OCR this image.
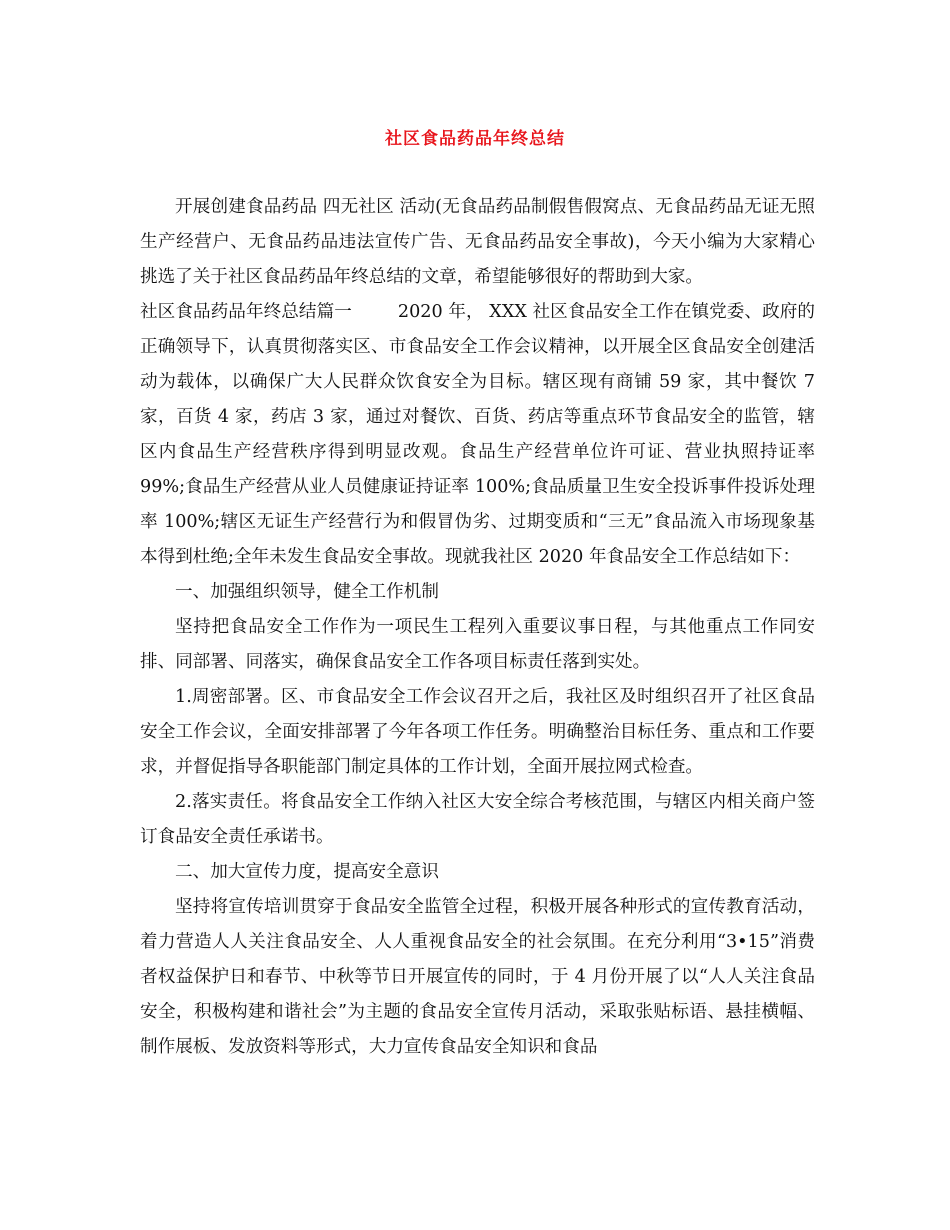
社区食品药品年终总结

开展创建食品药品 四无社区 活动(无食品药品制假售假窝点、无食品药品无证无照生产经营户、无食品药品违法宣传广告、无食品药品安全事故)，今天小编为大家精心挑选了关于社区食品药品年终总结的文章，希望能够很好的帮助到大家。

社区食品药品年终总结篇一	2020 年， XXX 社区食品安全工作在镇党委、政府的正确领导下，认真贯彻落实区、市食品安全工作会议精神，以开展全区食品安全创建活动为载体，以确保广大人民群众饮食安全为目标。辖区现有商铺 59 家，其中餐饮 7 家，百货 4 家，药店 3 家，通过对餐饮、百货、药店等重点环节食品安全的监管，辖区内食品生产经营秩序得到明显改观。食品生产经营单位许可证、营业执照持证率 99%;食品生产经营从业人员健康证持证率 100%;食品质量卫生安全投诉事件投诉处理率 100%;辖区无证生产经营行为和假冒伪劣、过期变质和“三无”食品流入市场现象基本得到杜绝;全年未发生食品安全事故。现就我社区 2020 年食品安全工作总结如下：

一、加强组织领导，健全工作机制

坚持把食品安全工作作为一项民生工程列入重要议事日程，与其他重点工作同安排、同部署、同落实，确保食品安全工作各项目标责任落到实处。

1.周密部署。区、市食品安全工作会议召开之后，我社区及时组织召开了社区食品安全工作会议，全面安排部署了今年各项工作任务。明确整治目标任务、重点和工作要求，并督促指导各职能部门制定具体的工作计划，全面开展拉网式检查。

2.落实责任。将食品安全工作纳入社区大安全综合考核范围，与辖区内相关商户签订食品安全责任承诺书。

二、加大宣传力度，提高安全意识

坚持将宣传培训贯穿于食品安全监管全过程，积极开展各种形式的宣传教育活动，着力营造人人关注食品安全、人人重视食品安全的社会氛围。在充分利用“3•15”消费者权益保护日和春节、中秋等节日开展宣传的同时，于 4 月份开展了以“人人关注食品安全，积极构建和谐社会”为主题的食品安全宣传月活动，采取张贴标语、悬挂横幅、制作展板、发放资料等形式，大力宣传食品安全知识和食品
